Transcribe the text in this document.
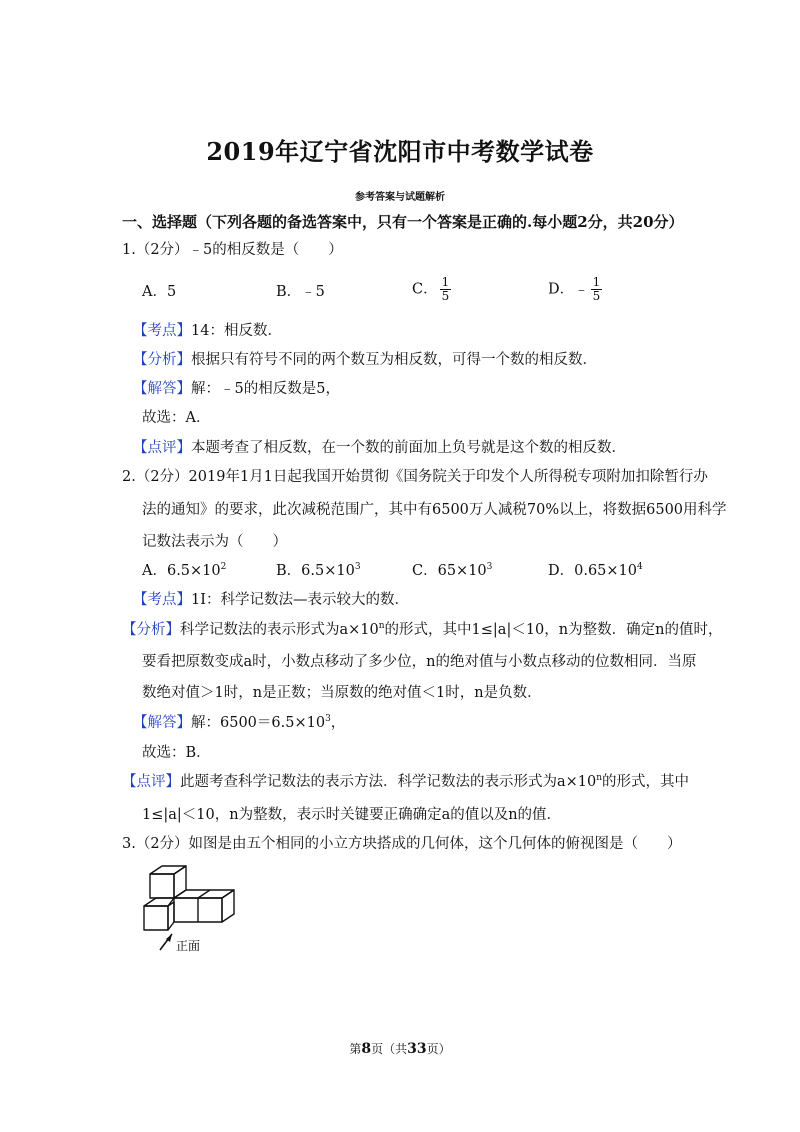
2019年辽宁省沈阳市中考数学试卷
参考答案与试题解析
一、选择题（下列各题的备选答案中，只有一个答案是正确的.每小题2分，共20分）
1.（2分）﹣5的相反数是（　　）
A．5	B．﹣5	C． $\frac{1}{5}$	D．﹣ $\frac{1}{5}$
【考点】14：相反数．
【分析】根据只有符号不同的两个数互为相反数，可得一个数的相反数．
【解答】解：﹣5的相反数是5，
故选：A．
【点评】本题考查了相反数，在一个数的前面加上负号就是这个数的相反数．
2.（2分）2019年1月1日起我国开始贯彻《国务院关于印发个人所得税专项附加扣除暂行办
法的通知》的要求，此次减税范围广，其中有6500万人减税70%以上，将数据6500用科学
记数法表示为（　　）
A．$6.5\times 10^2$	B．$6.5\times 10^3$	C．$65\times 10^3$	D．$0.65\times 10^4$
【考点】1I：科学记数法—表示较大的数．
【分析】科学记数法的表示形式为$a\times 10^n$的形式，其中1≤|a|＜10，n为整数．确定n的值时，
要看把原数变成a时，小数点移动了多少位，n的绝对值与小数点移动的位数相同．当原
数绝对值＞1时，n是正数；当原数的绝对值＜1时，n是负数．
【解答】解：$6500=6.5\times 10^3$，
故选：B．
【点评】此题考查科学记数法的表示方法．科学记数法的表示形式为$a\times 10^n$的形式，其中
1≤|a|＜10，n为整数，表示时关键要正确确定a的值以及n的值．
3.（2分）如图是由五个相同的小立方块搭成的几何体，这个几何体的俯视图是（　　）
正面
第8页（共33页）
